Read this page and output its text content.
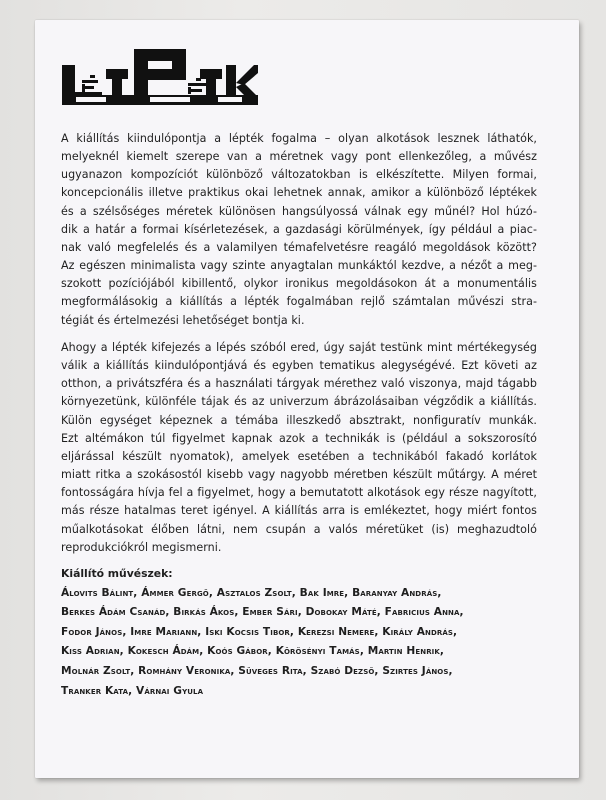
A kiállítás kiindulópontja a lépték fogalma – olyan alkotások lesznek láthatók,
melyeknél kiemelt szerepe van a méretnek vagy pont ellenkezőleg, a művész
ugyanazon kompozíciót különböző változatokban is elkészítette. Milyen formai,
koncepcionális illetve praktikus okai lehetnek annak, amikor a különböző léptékek
és a szélsőséges méretek különösen hangsúlyossá válnak egy műnél? Hol húzó-
dik a határ a formai kísérletezések, a gazdasági körülmények, így például a piac-
nak való megfelelés és a valamilyen témafelvetésre reagáló megoldások között?
Az egészen minimalista vagy szinte anyagtalan munkáktól kezdve, a nézőt a meg-
szokott pozíciójából kibillentő, olykor ironikus megoldásokon át a monumentális
megformálásokig a kiállítás a lépték fogalmában rejlő számtalan művészi stra-
tégiát és értelmezési lehetőséget bontja ki.
Ahogy a lépték kifejezés a lépés szóból ered, úgy saját testünk mint mértékegység
válik a kiállítás kiindulópontjává és egyben tematikus alegységévé. Ezt követi az
otthon, a privátszféra és a használati tárgyak mérethez való viszonya, majd tágabb
környezetünk, különféle tájak és az univerzum ábrázolásaiban végződik a kiállítás.
Külön egységet képeznek a témába illeszkedő absztrakt, nonfiguratív munkák.
Ezt altémákon túl figyelmet kapnak azok a technikák is (például a sokszorosító
eljárással készült nyomatok), amelyek esetében a technikából fakadó korlátok
miatt ritka a szokásostól kisebb vagy nagyobb méretben készült műtárgy. A méret
fontosságára hívja fel a figyelmet, hogy a bemutatott alkotások egy része nagyított,
más része hatalmas teret igényel. A kiállítás arra is emlékeztet, hogy miért fontos
műalkotásokat élőben látni, nem csupán a valós méretüket (is) meghazudtoló
reprodukciókról megismerni.
Kiállító művészek:
Álovits Bálint, Ámmer Gergő, Asztalos Zsolt, Bak Imre, Baranyay András,
Berkes Ádám Csanád, Birkás Ákos, Ember Sári, Dobokay Máté, Fabricius Anna,
Fodor János, Imre Mariann, Iski Kocsis Tibor, Kerezsi Nemere, Király András,
Kiss Adrian, Kokesch Ádám, Koós Gábor, Körösényi Tamás, Martin Henrik,
Molnár Zsolt, Romhány Veronika, Süveges Rita, Szabó Dezső, Szirtes János,
Tranker Kata, Várnai Gyula
